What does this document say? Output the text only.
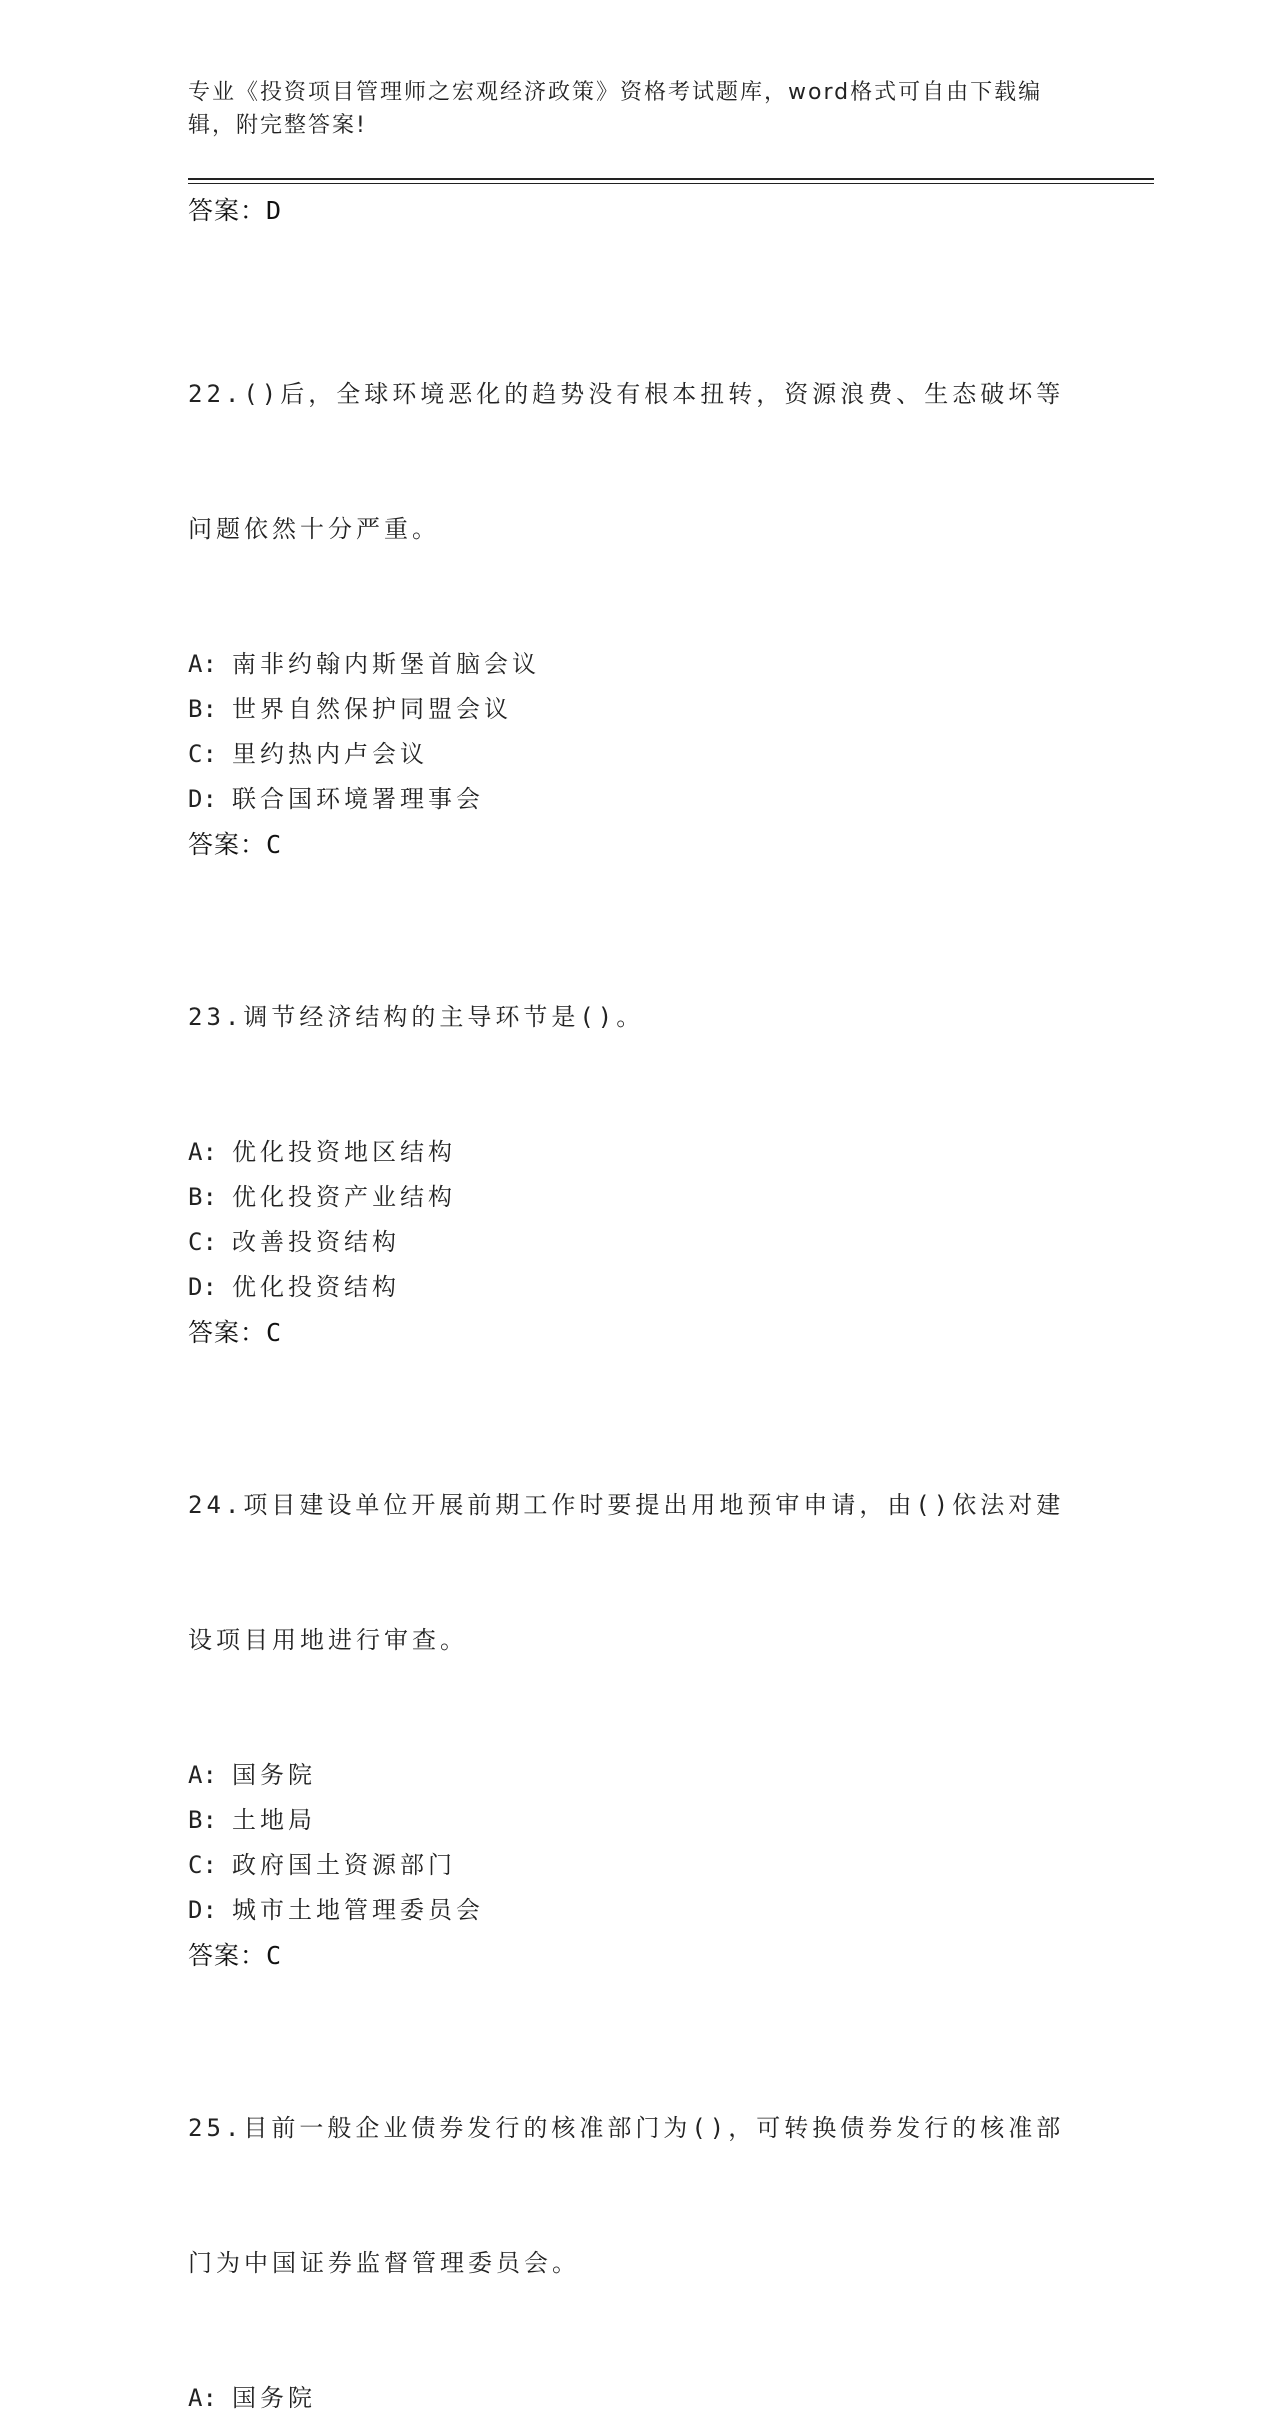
专业《投资项目管理师之宏观经济政策》资格考试题库，word格式可自由下载编
辑，附完整答案!
答案：D

22.()后，全球环境恶化的趋势没有根本扭转，资源浪费、生态破坏等

问题依然十分严重。

A: 南非约翰内斯堡首脑会议
B: 世界自然保护同盟会议
C: 里约热内卢会议
D: 联合国环境署理事会
答案：C

23.调节经济结构的主导环节是()。

A: 优化投资地区结构
B: 优化投资产业结构
C: 改善投资结构
D: 优化投资结构
答案：C

24.项目建设单位开展前期工作时要提出用地预审申请，由()依法对建

设项目用地进行审查。

A: 国务院
B: 土地局
C: 政府国土资源部门
D: 城市土地管理委员会
答案：C

25.目前一般企业债券发行的核准部门为()，可转换债券发行的核准部

门为中国证券监督管理委员会。

A: 国务院
